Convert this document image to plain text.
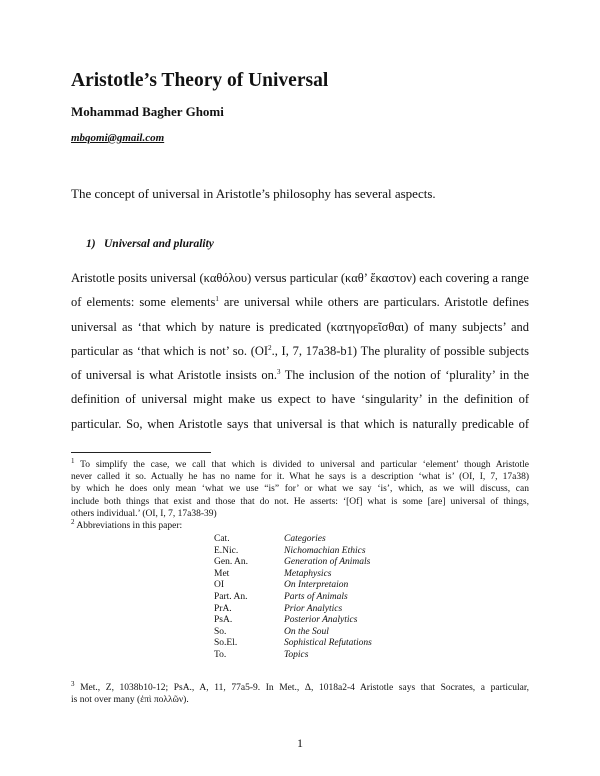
Aristotle’s Theory of Universal
Mohammad Bagher Ghomi
mbqomi@gmail.com
The concept of universal in Aristotle’s philosophy has several aspects.
1) Universal and plurality
Aristotle posits universal (καθόλου) versus particular (καθ’ ἕκαστον) each covering a range
of elements: some elements$^1$ are universal while others are particulars. Aristotle defines
universal as ‘that which by nature is predicated (κατηγορεῖσθαι) of many subjects’ and
particular as ‘that which is not’ so. ($OI^2$., I, 7, 17a38-b1) The plurality of possible subjects
of universal is what Aristotle insists on.$^3$ The inclusion of the notion of ‘plurality’ in the
definition of universal might make us expect to have ‘singularity’ in the definition of
particular. So, when Aristotle says that universal is that which is naturally predicable of
$^1$ To simplify the case, we call that which is divided to universal and particular ‘element’ though Aristotle
never called it so. Actually he has no name for it. What he says is a description ‘what is’ (OI, I, 7, 17a38)
by which he does only mean ‘what we use “is” for’ or what we say ‘is’, which, as we will discuss, can
include both things that exist and those that do not. He asserts: ‘[Of] what is some [are] universal of things,
others individual.’ (OI, I, 7, 17a38-39)
$^2$ Abbreviations in this paper:
Cat.	Categories
E.Nic.	Nichomachian Ethics
Gen. An.	Generation of Animals
Met	Metaphysics
OI	On Interpretaion
Part. An.	Parts of Animals
PrA.	Prior Analytics
PsA.	Posterior Analytics
So.	On the Soul
So.El.	Sophistical Refutations
To.	Topics
$^3$ Met., Z, 1038b10-12; PsA., A, 11, 77a5-9. In Met., Δ, 1018a2-4 Aristotle says that Socrates, a particular,
is not over many (ἐπὶ πολλῶν).
1
